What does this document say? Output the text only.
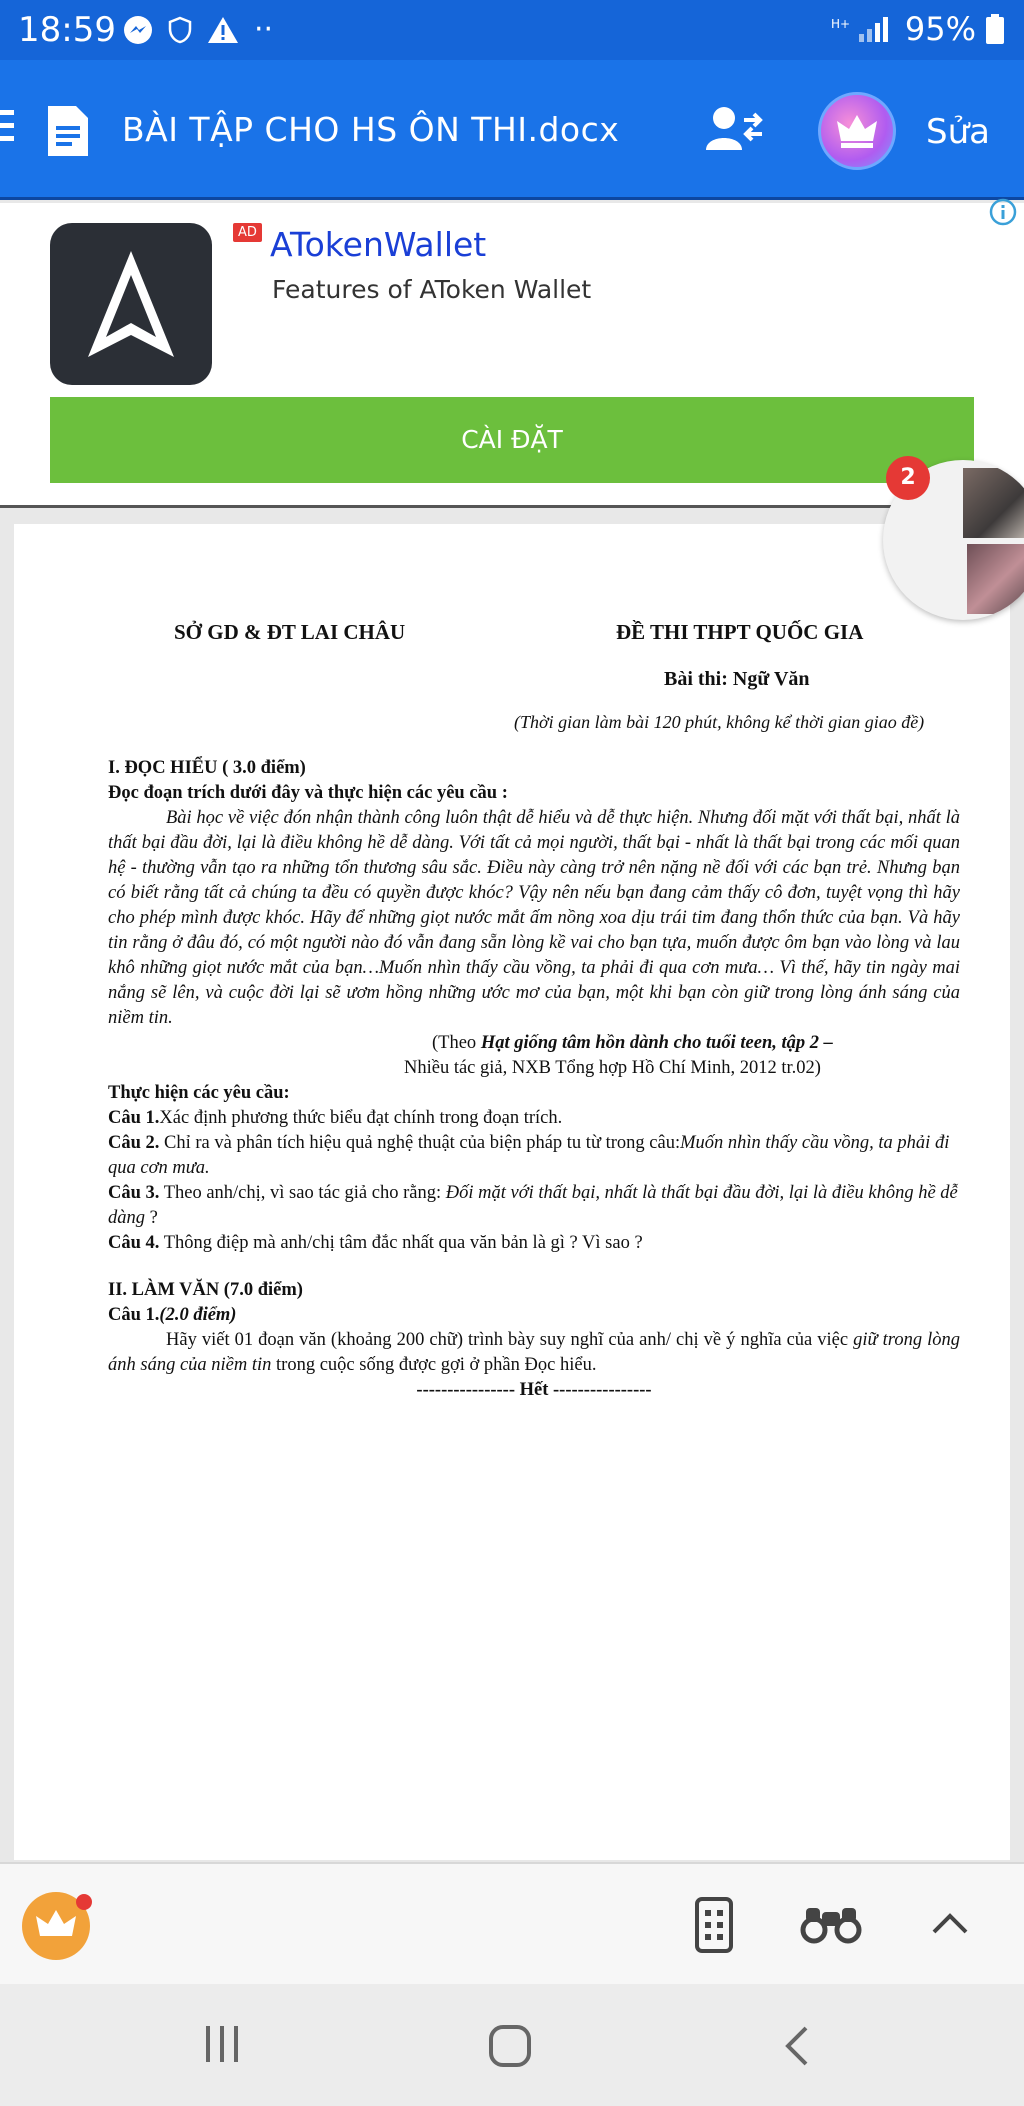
18:59	··	H+ 95%
BÀI TẬP CHO HS ÔN THI.docx	Sửa
AD ATokenWallet
Features of AToken Wallet
CÀI ĐẶT
SỞ GD & ĐT LAI CHÂU	ĐỀ THI THPT QUỐC GIA
Bài thi: Ngữ Văn
(Thời gian làm bài 120 phút, không kể thời gian giao đề)

I. ĐỌC HIỂU ( 3.0 điểm)

Đọc đoạn trích dưới đây và thực hiện các yêu cầu :

Bài học về việc đón nhận thành công luôn thật dễ hiểu và dễ thực hiện. Nhưng đối mặt với thất bại, nhất là thất bại đầu đời, lại là điều không hề dễ dàng. Với tất cả mọi người, thất bại - nhất là thất bại trong các mối quan hệ - thường vẫn tạo ra những tổn thương sâu sắc. Điều này càng trở nên nặng nề đối với các bạn trẻ. Nhưng bạn có biết rằng tất cả chúng ta đều có quyền được khóc? Vậy nên nếu bạn đang cảm thấy cô đơn, tuyệt vọng thì hãy cho phép mình được khóc. Hãy để những giọt nước mắt ấm nồng xoa dịu trái tim đang thổn thức của bạn. Và hãy tin rằng ở đâu đó, có một người nào đó vẫn đang sẵn lòng kề vai cho bạn tựa, muốn được ôm bạn vào lòng và lau khô những giọt nước mắt của bạn…Muốn nhìn thấy cầu vồng, ta phải đi qua cơn mưa… Vì thế, hãy tin ngày mai nắng sẽ lên, và cuộc đời lại sẽ ươm hồng những ước mơ của bạn, một khi bạn còn giữ trong lòng ánh sáng của niềm tin.

(Theo Hạt giống tâm hồn dành cho tuổi teen, tập 2 –

Nhiều tác giả, NXB Tổng hợp Hồ Chí Minh, 2012 tr.02)

Thực hiện các yêu cầu:

Câu 1.Xác định phương thức biểu đạt chính trong đoạn trích.

Câu 2. Chỉ ra và phân tích hiệu quả nghệ thuật của biện pháp tu từ trong câu:Muốn nhìn thấy cầu vồng, ta phải đi qua cơn mưa.

Câu 3. Theo anh/chị, vì sao tác giả cho rằng: Đối mặt với thất bại, nhất là thất bại đầu đời, lại là điều không hề dễ dàng ?

Câu 4. Thông điệp mà anh/chị tâm đắc nhất qua văn bản là gì ? Vì sao ?

II. LÀM VĂN (7.0 điểm)

Câu 1.(2.0 điểm)

Hãy viết 01 đoạn văn (khoảng 200 chữ) trình bày suy nghĩ của anh/ chị về ý nghĩa của việc giữ trong lòng ánh sáng của niềm tin trong cuộc sống được gợi ở phần Đọc hiểu.

---------------- Hết ----------------

2
